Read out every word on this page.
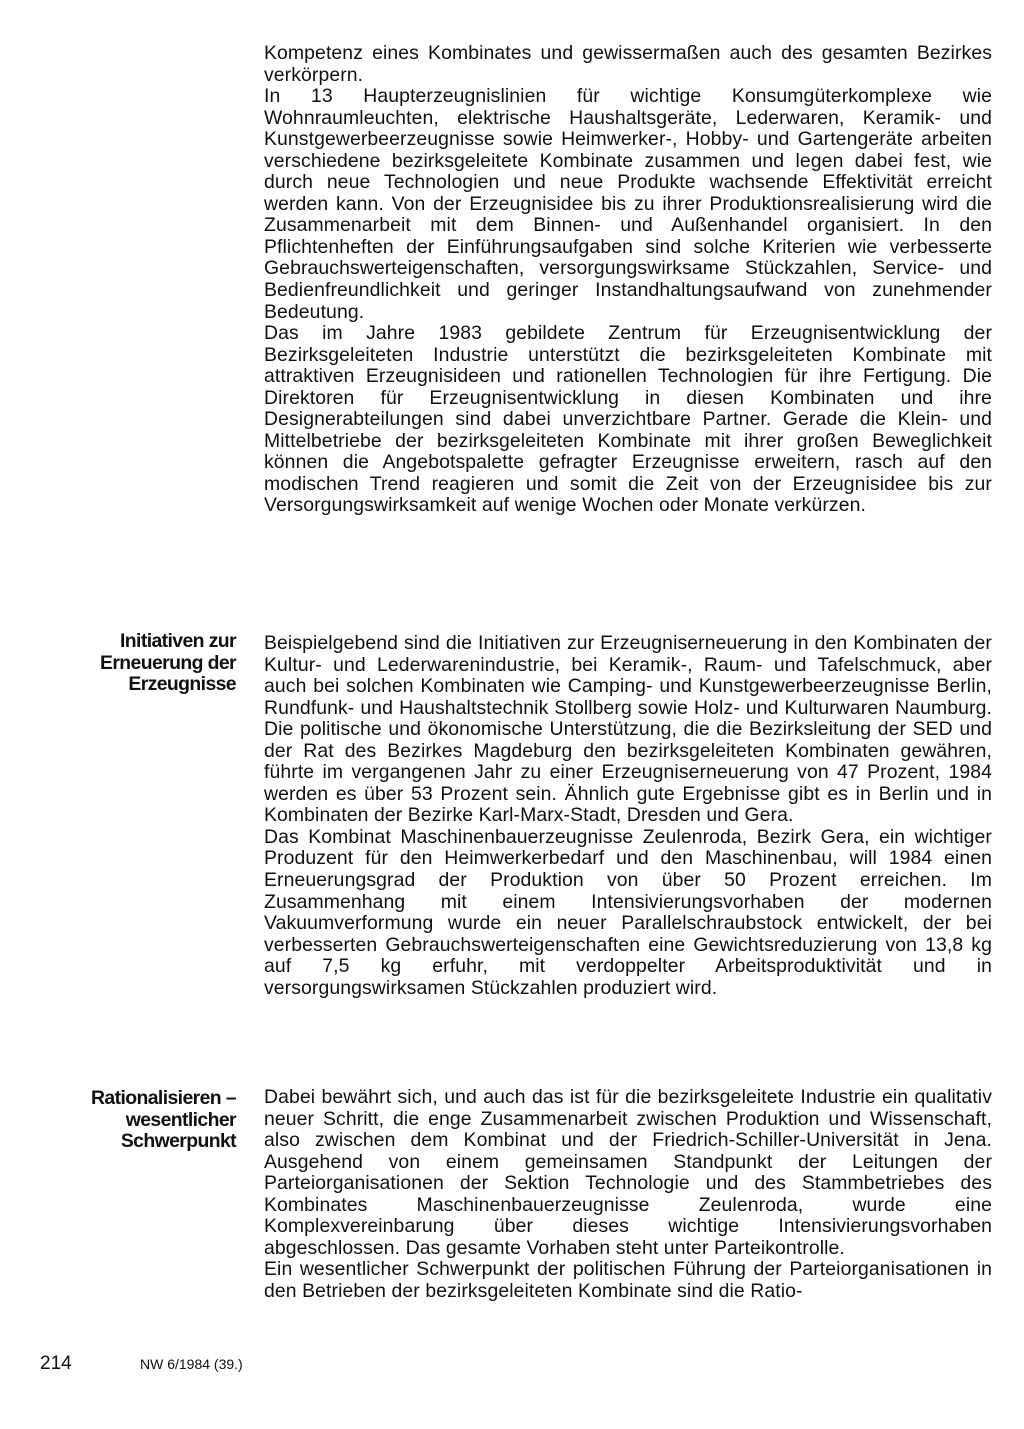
Kompetenz eines Kombinates und gewissermaßen auch des gesamten Bezirkes verkörpern.

In 13 Haupterzeugnislinien für wichtige Konsumgüterkomplexe wie Wohnraumleuchten, elektrische Haushaltsgeräte, Lederwaren, Keramik- und Kunstgewerbeerzeugnisse sowie Heimwerker-, Hobby- und Gartengeräte arbeiten verschiedene bezirksgeleitete Kombinate zusammen und legen dabei fest, wie durch neue Technologien und neue Produkte wachsende Effektivität erreicht werden kann. Von der Erzeugnisidee bis zu ihrer Produktionsrealisierung wird die Zusammenarbeit mit dem Binnen- und Außenhandel organisiert. In den Pflichtenheften der Einführungsaufgaben sind solche Kriterien wie verbesserte Gebrauchswerteigenschaften, versorgungswirksame Stückzahlen, Service- und Bedienfreundlichkeit und geringer Instandhaltungsaufwand von zunehmender Bedeutung.

Das im Jahre 1983 gebildete Zentrum für Erzeugnisentwicklung der Bezirksgeleiteten Industrie unterstützt die bezirksgeleiteten Kombinate mit attraktiven Erzeugnisideen und rationellen Technologien für ihre Fertigung. Die Direktoren für Erzeugnisentwicklung in diesen Kombinaten und ihre Designerabteilungen sind dabei unverzichtbare Partner. Gerade die Klein- und Mittelbetriebe der bezirksgeleiteten Kombinate mit ihrer großen Beweglichkeit können die Angebotspalette gefragter Erzeugnisse erweitern, rasch auf den modischen Trend reagieren und somit die Zeit von der Erzeugnisidee bis zur Versorgungswirksamkeit auf wenige Wochen oder Monate verkürzen.

Initiativen zur Erneuerung der Erzeugnisse

Beispielgebend sind die Initiativen zur Erzeugniserneuerung in den Kombinaten der Kultur- und Lederwarenindustrie, bei Keramik-, Raum- und Tafelschmuck, aber auch bei solchen Kombinaten wie Camping- und Kunstgewerbeerzeugnisse Berlin, Rundfunk- und Haushaltstechnik Stollberg sowie Holz- und Kulturwaren Naumburg. Die politische und ökonomische Unterstützung, die die Bezirksleitung der SED und der Rat des Bezirkes Magdeburg den bezirksgeleiteten Kombinaten gewähren, führte im vergangenen Jahr zu einer Erzeugniserneuerung von 47 Prozent, 1984 werden es über 53 Prozent sein. Ähnlich gute Ergebnisse gibt es in Berlin und in Kombinaten der Bezirke Karl-Marx-Stadt, Dresden und Gera.

Das Kombinat Maschinenbauerzeugnisse Zeulenroda, Bezirk Gera, ein wichtiger Produzent für den Heimwerkerbedarf und den Maschinenbau, will 1984 einen Erneuerungsgrad der Produktion von über 50 Prozent erreichen. Im Zusammenhang mit einem Intensivierungsvorhaben der modernen Vakuumverformung wurde ein neuer Parallelschraubstock entwickelt, der bei verbesserten Gebrauchswerteigenschaften eine Gewichtsreduzierung von 13,8 kg auf 7,5 kg erfuhr, mit verdoppelter Arbeitsproduktivität und in versorgungswirksamen Stückzahlen produziert wird.

Rationalisieren – wesentlicher Schwerpunkt

Dabei bewährt sich, und auch das ist für die bezirksgeleitete Industrie ein qualitativ neuer Schritt, die enge Zusammenarbeit zwischen Produktion und Wissenschaft, also zwischen dem Kombinat und der Friedrich-Schiller-Universität in Jena. Ausgehend von einem gemeinsamen Standpunkt der Leitungen der Parteiorganisationen der Sektion Technologie und des Stammbetriebes des Kombinates Maschinenbauerzeugnisse Zeulenroda, wurde eine Komplexvereinbarung über dieses wichtige Intensivierungsvorhaben abgeschlossen. Das gesamte Vorhaben steht unter Parteikontrolle.

Ein wesentlicher Schwerpunkt der politischen Führung der Parteiorganisationen in den Betrieben der bezirksgeleiteten Kombinate sind die Ratio-

214	NW 6/1984 (39.)
